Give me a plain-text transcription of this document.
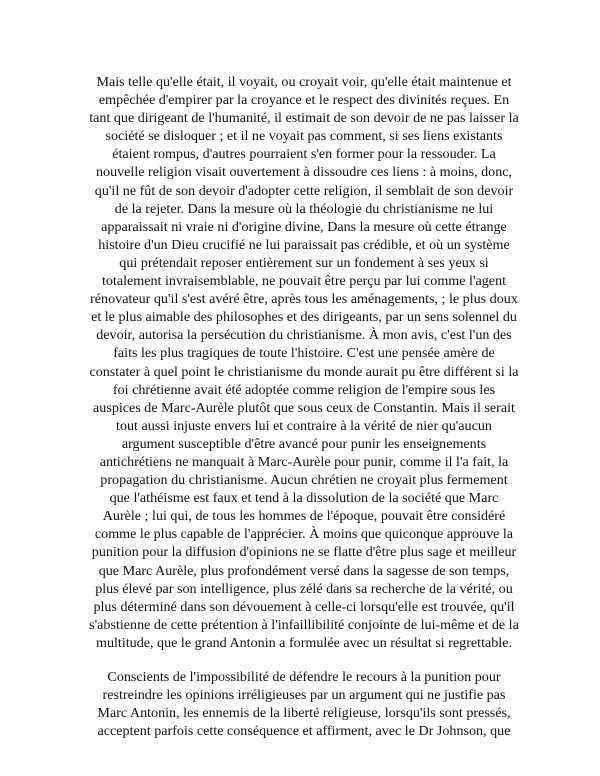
Mais telle qu'elle était, il voyait, ou croyait voir, qu'elle était maintenue et
empêchée d'empirer par la croyance et le respect des divinités reçues. En
tant que dirigeant de l'humanité, il estimait de son devoir de ne pas laisser la
société se disloquer ; et il ne voyait pas comment, si ses liens existants
étaient rompus, d'autres pourraient s'en former pour la ressouder. La
nouvelle religion visait ouvertement à dissoudre ces liens : à moins, donc,
qu'il ne fût de son devoir d'adopter cette religion, il semblait de son devoir
de la rejeter. Dans la mesure où la théologie du christianisme ne lui
apparaissait ni vraie ni d'origine divine, Dans la mesure où cette étrange
histoire d'un Dieu crucifié ne lui paraissait pas crédible, et où un système
qui prétendait reposer entièrement sur un fondement à ses yeux si
totalement invraisemblable, ne pouvait être perçu par lui comme l'agent
rénovateur qu'il s'est avéré être, après tous les aménagements, ; le plus doux
et le plus aimable des philosophes et des dirigeants, par un sens solennel du
devoir, autorisa la persécution du christianisme. À mon avis, c'est l'un des
faits les plus tragiques de toute l'histoire. C'est une pensée amère de
constater à quel point le christianisme du monde aurait pu être différent si la
foi chrétienne avait été adoptée comme religion de l'empire sous les
auspices de Marc-Aurèle plutôt que sous ceux de Constantin. Mais il serait
tout aussi injuste envers lui et contraire à la vérité de nier qu'aucun
argument susceptible d'être avancé pour punir les enseignements
antichrétiens ne manquait à Marc-Aurèle pour punir, comme il l'a fait, la
propagation du christianisme. Aucun chrétien ne croyait plus fermement
que l'athéisme est faux et tend à la dissolution de la société que Marc
Aurèle ; lui qui, de tous les hommes de l'époque, pouvait être considéré
comme le plus capable de l'apprécier. À moins que quiconque approuve la
punition pour la diffusion d'opinions ne se flatte d'être plus sage et meilleur
que Marc Aurèle, plus profondément versé dans la sagesse de son temps,
plus élevé par son intelligence, plus zélé dans sa recherche de la vérité, ou
plus déterminé dans son dévouement à celle-ci lorsqu'elle est trouvée, qu'il
s'abstienne de cette prétention à l'infaillibilité conjointe de lui-même et de la
multitude, que le grand Antonin a formulée avec un résultat si regrettable.

Conscients de l'impossibilité de défendre le recours à la punition pour
restreindre les opinions irréligieuses par un argument qui ne justifie pas
Marc Antonin, les ennemis de la liberté religieuse, lorsqu'ils sont pressés,
acceptent parfois cette conséquence et affirment, avec le Dr Johnson, que
